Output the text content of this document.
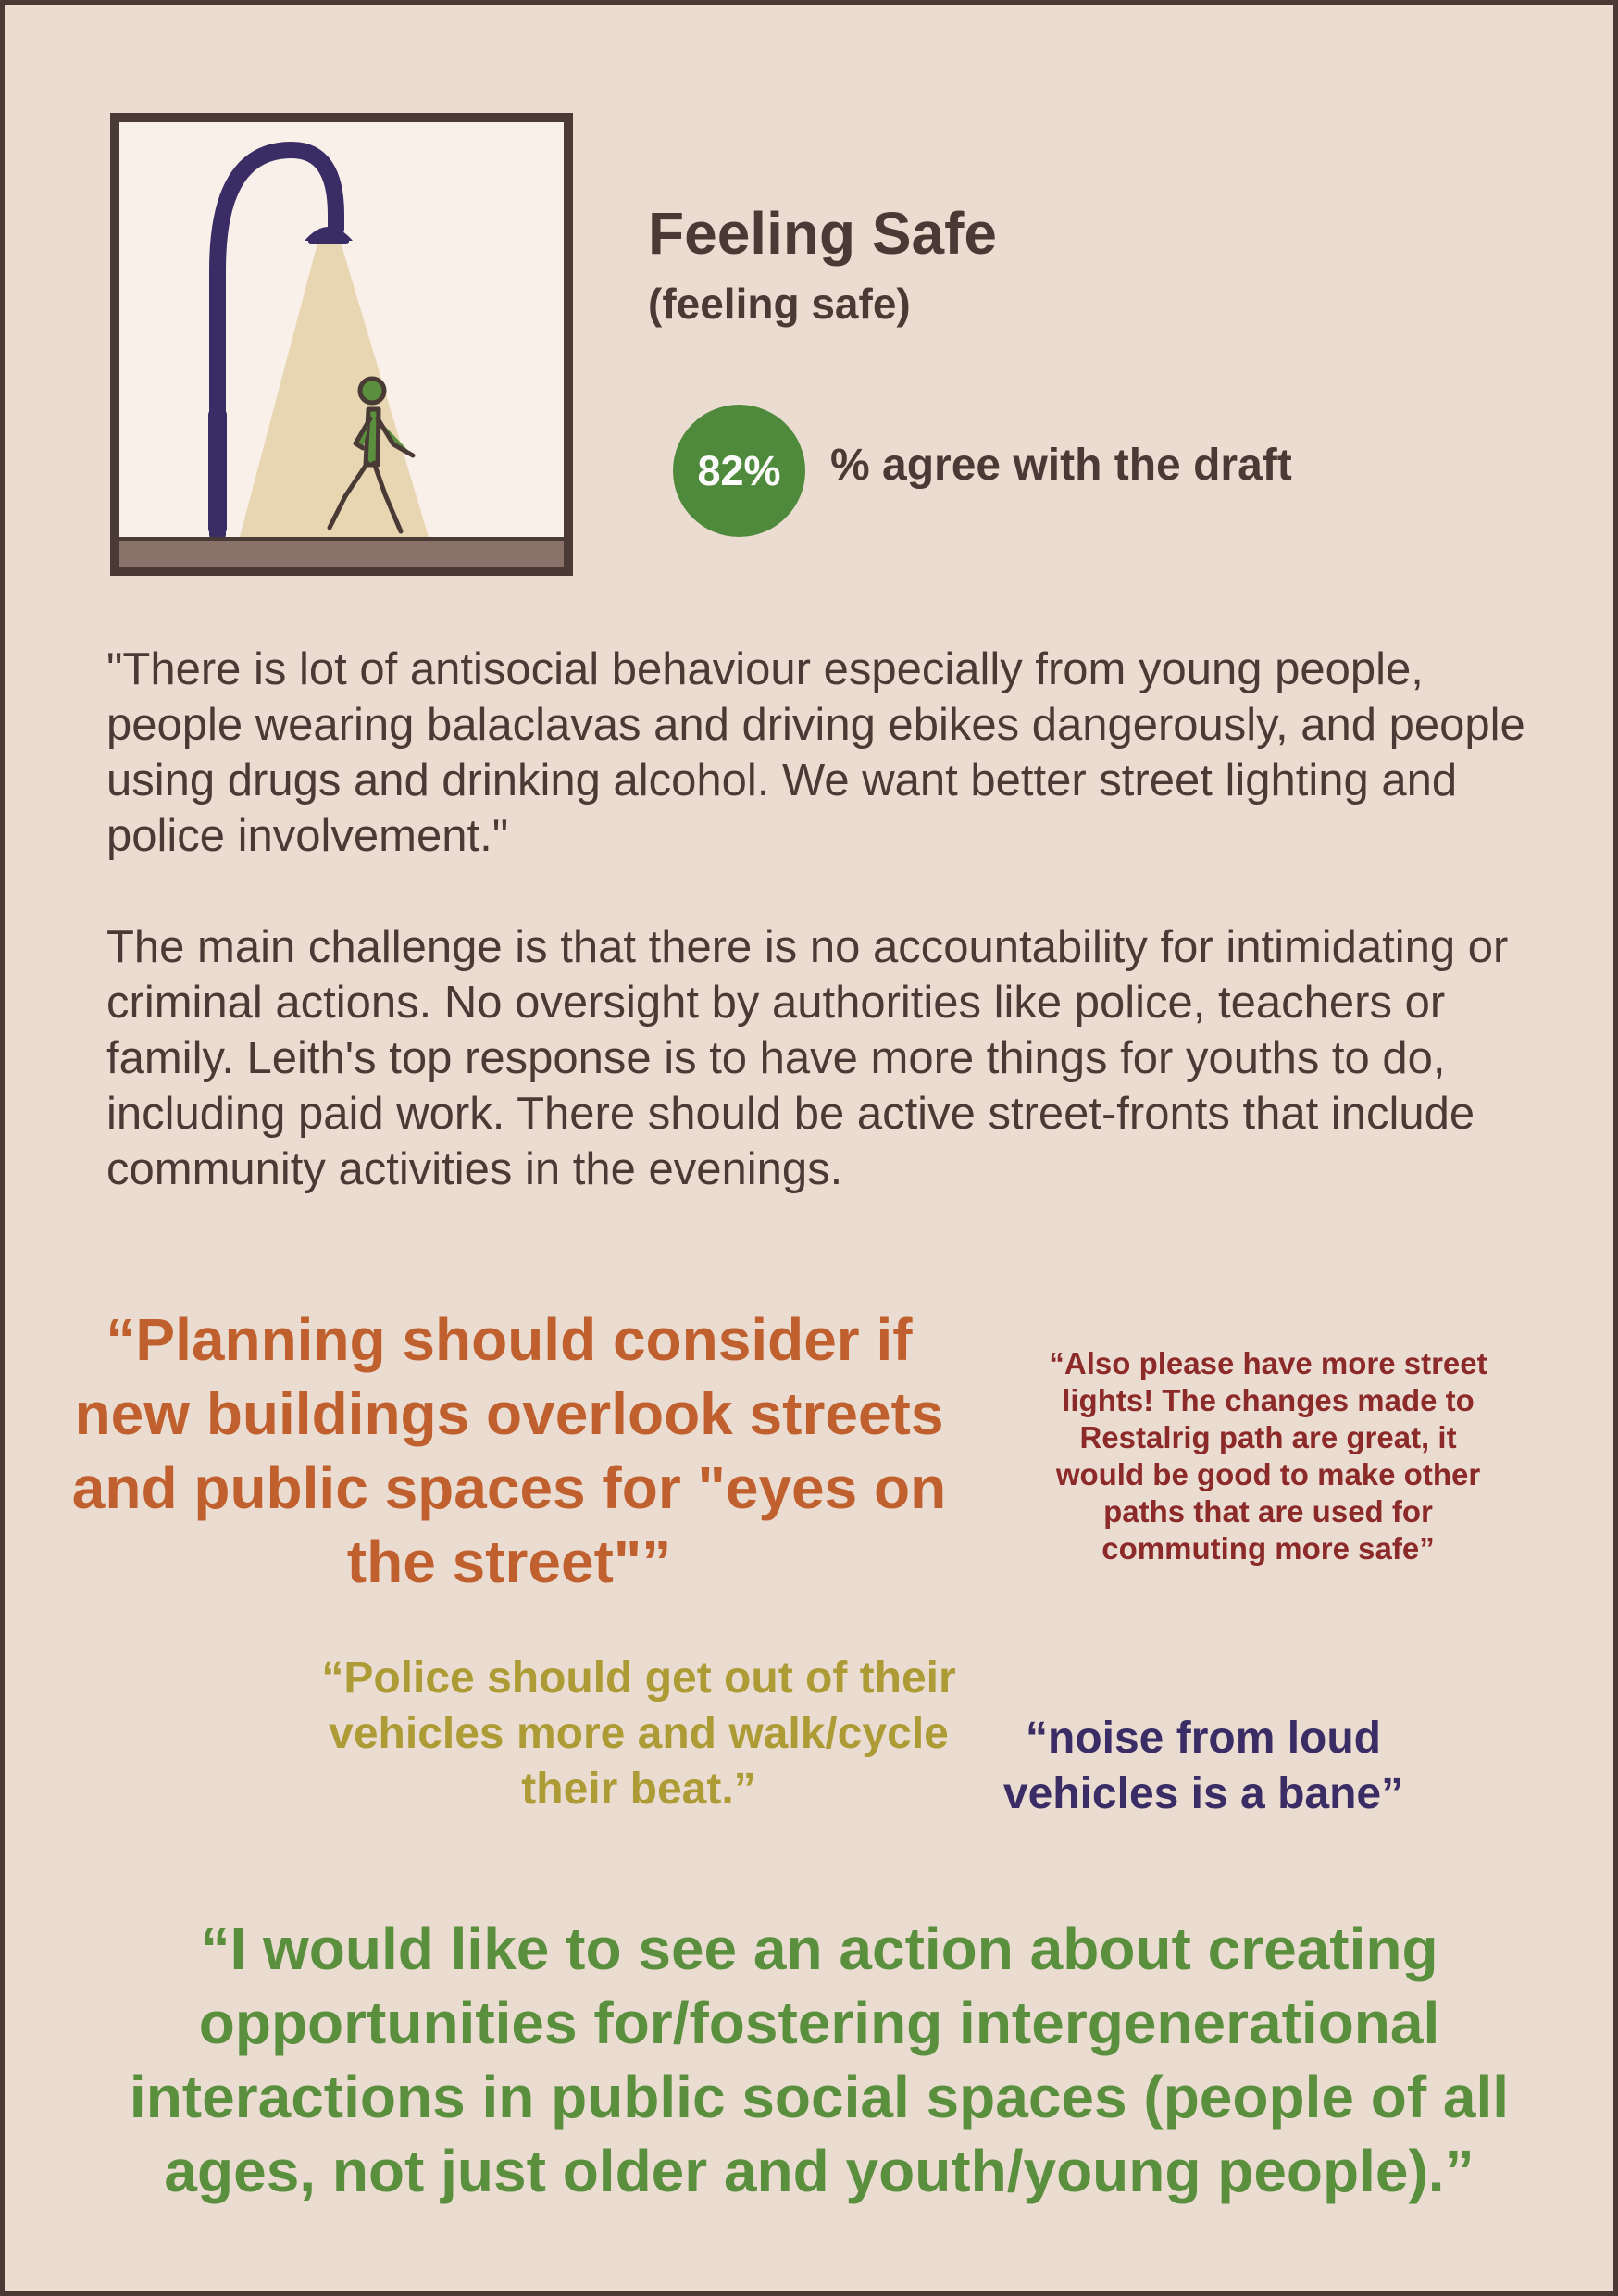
Feeling Safe
(feeling safe)
82%	% agree with the draft

"There is lot of antisocial behaviour especially from young people, people wearing balaclavas and driving ebikes dangerously, and people using drugs and drinking alcohol. We want better street lighting and police involvement."

The main challenge is that there is no accountability for intimidating or criminal actions. No oversight by authorities like police, teachers or family. Leith's top response is to have more things for youths to do, including paid work. There should be active street-fronts that include community activities in the evenings.

“Planning should consider if new buildings overlook streets and public spaces for "eyes on the street"”

“Also please have more street lights! The changes made to Restalrig path are great, it would be good to make other paths that are used for commuting more safe”

“Police should get out of their vehicles more and walk/cycle their beat.”

“noise from loud vehicles is a bane”

“I would like to see an action about creating opportunities for/fostering intergenerational interactions in public social spaces (people of all ages, not just older and youth/young people).”
